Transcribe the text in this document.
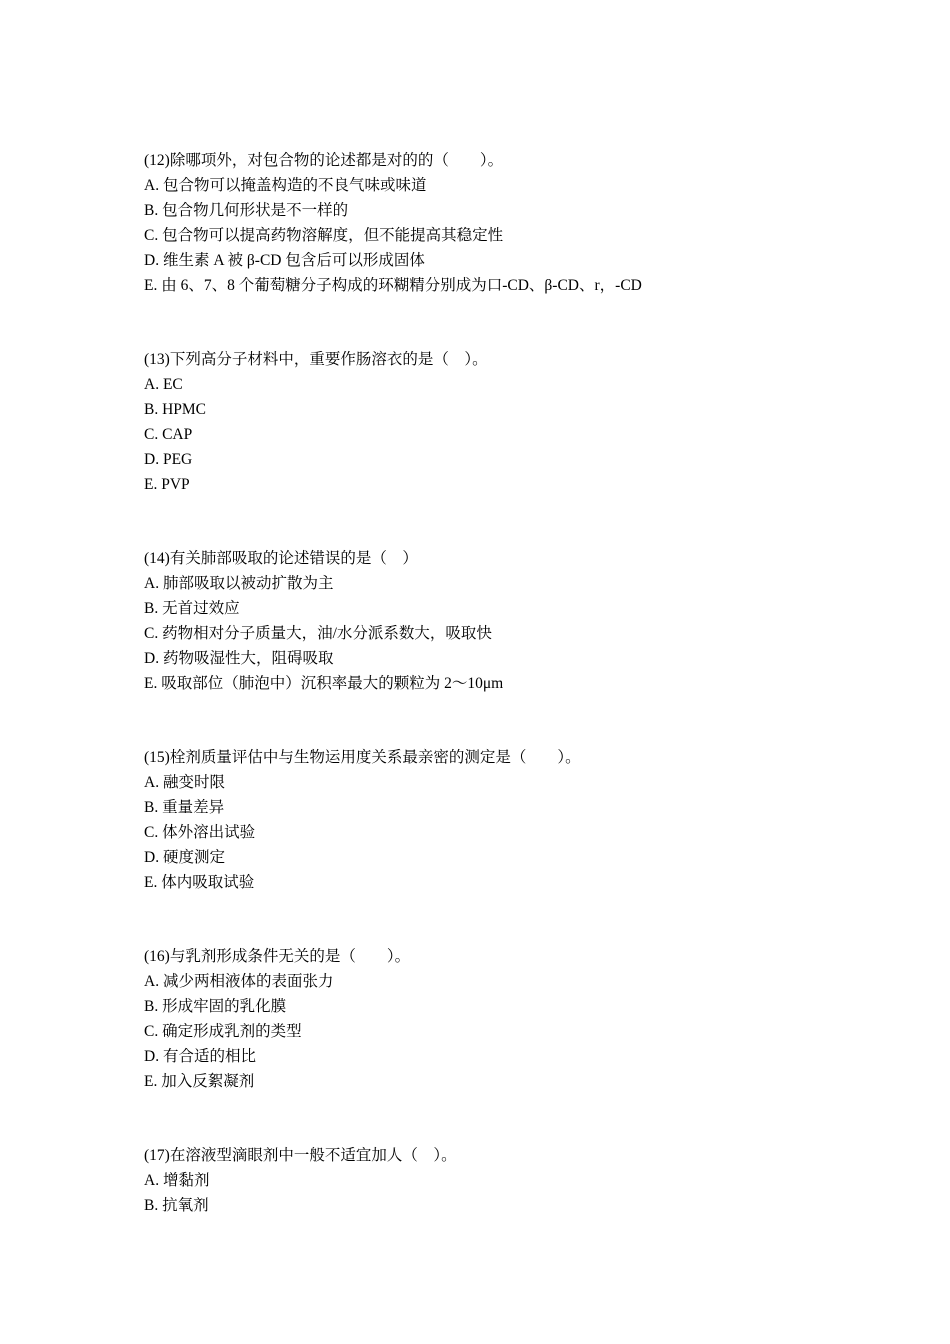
(12)除哪项外，对包合物的论述都是对的的（　　）。
A. 包合物可以掩盖构造的不良气味或味道
B. 包合物几何形状是不一样的
C. 包合物可以提高药物溶解度，但不能提高其稳定性
D. 维生素 A 被 β-CD 包含后可以形成固体
E. 由 6、7、8 个葡萄糖分子构成的环糊精分别成为口-CD、β-CD、r，-CD
(13)下列高分子材料中，重要作肠溶衣的是（　）。
A. EC
B. HPMC
C. CAP
D. PEG
E. PVP
(14)有关肺部吸取的论述错误的是（　）
A. 肺部吸取以被动扩散为主
B. 无首过效应
C. 药物相对分子质量大，油/水分派系数大，吸取快
D. 药物吸湿性大，阻碍吸取
E. 吸取部位（肺泡中）沉积率最大的颗粒为 2～10μm
(15)栓剂质量评估中与生物运用度关系最亲密的测定是（　　）。
A. 融变时限
B. 重量差异
C. 体外溶出试验
D. 硬度测定
E. 体内吸取试验
(16)与乳剂形成条件无关的是（　　）。
A. 减少两相液体的表面张力
B. 形成牢固的乳化膜
C. 确定形成乳剂的类型
D. 有合适的相比
E. 加入反絮凝剂
(17)在溶液型滴眼剂中一般不适宜加人（　）。
A. 增黏剂
B. 抗氧剂
